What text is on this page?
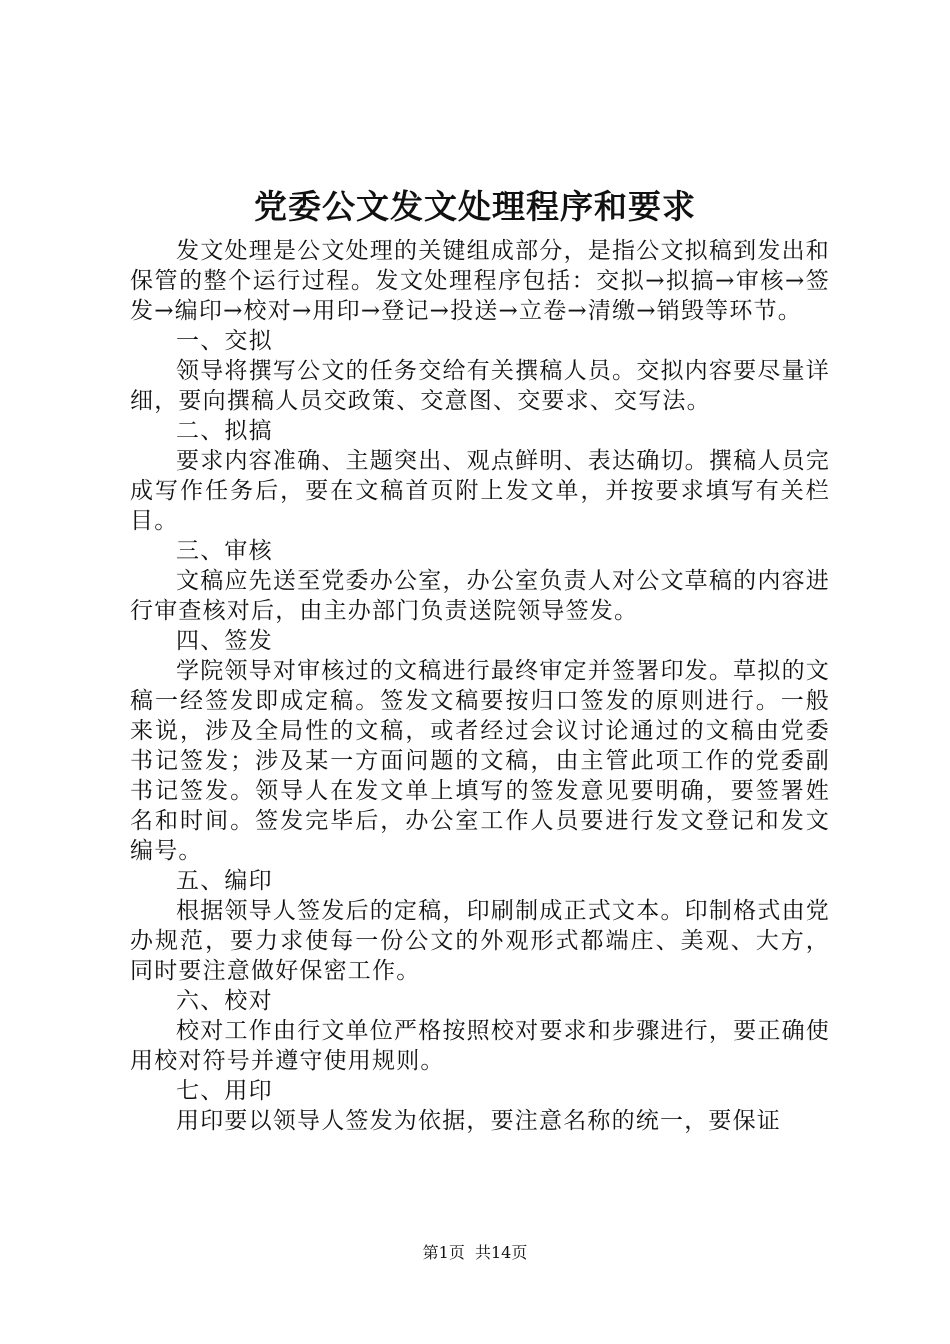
党委公文发文处理程序和要求

发文处理是公文处理的关键组成部分，是指公文拟稿到发出和保管的整个运行过程。发文处理程序包括：交拟→拟搞→审核→签发→编印→校对→用印→登记→投送→立卷→清缴→销毁等环节。

一、交拟

领导将撰写公文的任务交给有关撰稿人员。交拟内容要尽量详细，要向撰稿人员交政策、交意图、交要求、交写法。

二、拟搞

要求内容准确、主题突出、观点鲜明、表达确切。撰稿人员完成写作任务后，要在文稿首页附上发文单，并按要求填写有关栏目。

三、审核

文稿应先送至党委办公室，办公室负责人对公文草稿的内容进行审查核对后，由主办部门负责送院领导签发。

四、签发

学院领导对审核过的文稿进行最终审定并签署印发。草拟的文稿一经签发即成定稿。签发文稿要按归口签发的原则进行。一般来说，涉及全局性的文稿，或者经过会议讨论通过的文稿由党委书记签发；涉及某一方面问题的文稿，由主管此项工作的党委副书记签发。领导人在发文单上填写的签发意见要明确，要签署姓名和时间。签发完毕后，办公室工作人员要进行发文登记和发文编号。

五、编印

根据领导人签发后的定稿，印刷制成正式文本。印制格式由党办规范，要力求使每一份公文的外观形式都端庄、美观、大方，同时要注意做好保密工作。

六、校对

校对工作由行文单位严格按照校对要求和步骤进行，要正确使用校对符号并遵守使用规则。

七、用印

用印要以领导人签发为依据，要注意名称的统一，要保证

第1页  共14页
